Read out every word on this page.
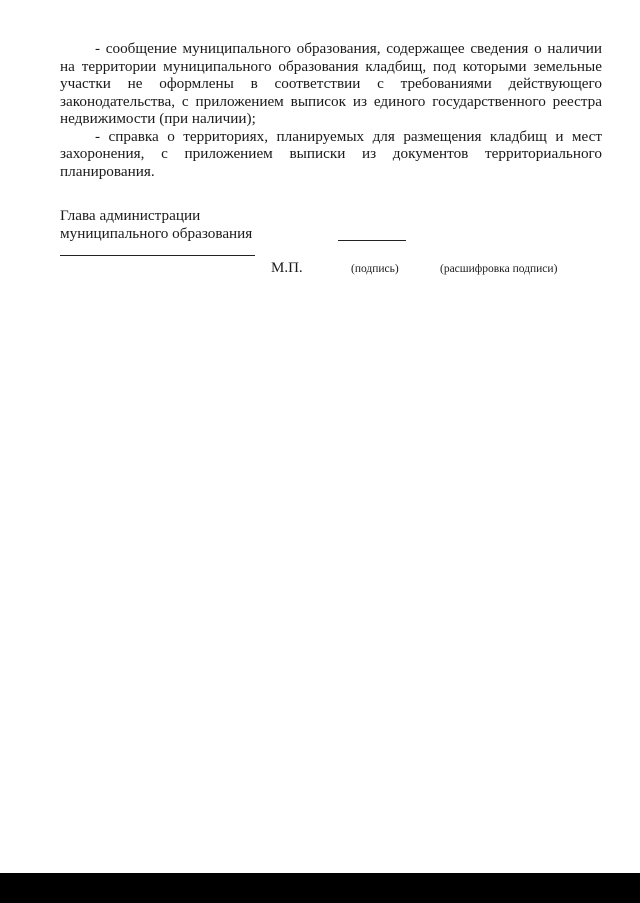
- сообщение муниципального образования, содержащее сведения о наличии на территории муниципального образования кладбищ, под которыми земельные участки не оформлены в соответствии с требованиями действующего законодательства, с приложением выписок из единого государственного реестра недвижимости (при наличии);

- справка о территориях, планируемых для размещения кладбищ и мест захоронения, с приложением выписки из документов территориального планирования.

Глава администрации
муниципального образования
М.П.	(подпись)	(расшифровка подписи)
